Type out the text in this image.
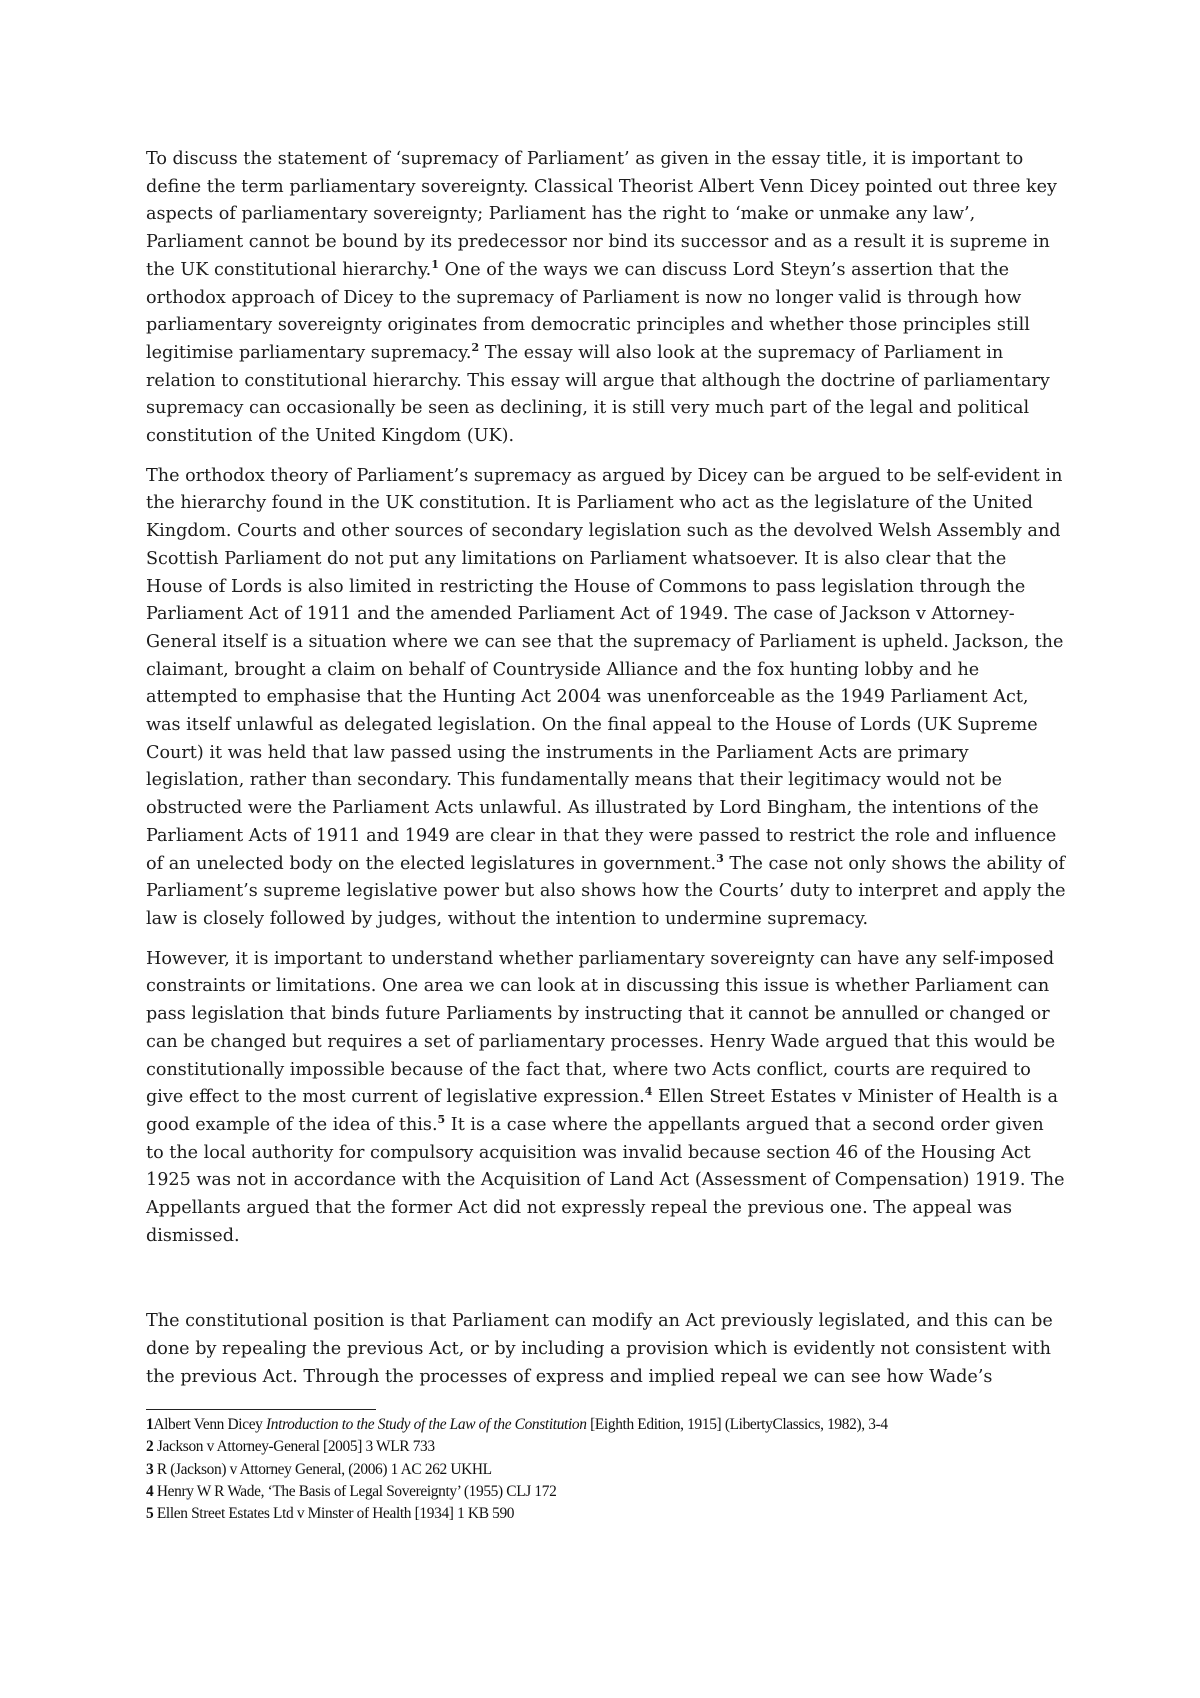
To discuss the statement of ‘supremacy of Parliament’ as given in the essay title, it is important to define the term parliamentary sovereignty. Classical Theorist Albert Venn Dicey pointed out three key aspects of parliamentary sovereignty; Parliament has the right to ‘make or unmake any law’, Parliament cannot be bound by its predecessor nor bind its successor and as a result it is supreme in the UK constitutional hierarchy.$^1$ One of the ways we can discuss Lord Steyn’s assertion that the orthodox approach of Dicey to the supremacy of Parliament is now no longer valid is through how parliamentary sovereignty originates from democratic principles and whether those principles still legitimise parliamentary supremacy.$^2$ The essay will also look at the supremacy of Parliament in relation to constitutional hierarchy. This essay will argue that although the doctrine of parliamentary supremacy can occasionally be seen as declining, it is still very much part of the legal and political constitution of the United Kingdom (UK).

The orthodox theory of Parliament’s supremacy as argued by Dicey can be argued to be self-evident in the hierarchy found in the UK constitution. It is Parliament who act as the legislature of the United Kingdom. Courts and other sources of secondary legislation such as the devolved Welsh Assembly and Scottish Parliament do not put any limitations on Parliament whatsoever. It is also clear that the House of Lords is also limited in restricting the House of Commons to pass legislation through the Parliament Act of 1911 and the amended Parliament Act of 1949. The case of Jackson v Attorney-General itself is a situation where we can see that the supremacy of Parliament is upheld. Jackson, the claimant, brought a claim on behalf of Countryside Alliance and the fox hunting lobby and he attempted to emphasise that the Hunting Act 2004 was unenforceable as the 1949 Parliament Act, was itself unlawful as delegated legislation. On the final appeal to the House of Lords (UK Supreme Court) it was held that law passed using the instruments in the Parliament Acts are primary legislation, rather than secondary. This fundamentally means that their legitimacy would not be obstructed were the Parliament Acts unlawful. As illustrated by Lord Bingham, the intentions of the Parliament Acts of 1911 and 1949 are clear in that they were passed to restrict the role and influence of an unelected body on the elected legislatures in government.$^3$ The case not only shows the ability of Parliament’s supreme legislative power but also shows how the Courts’ duty to interpret and apply the law is closely followed by judges, without the intention to undermine supremacy.

However, it is important to understand whether parliamentary sovereignty can have any self-imposed constraints or limitations. One area we can look at in discussing this issue is whether Parliament can pass legislation that binds future Parliaments by instructing that it cannot be annulled or changed or can be changed but requires a set of parliamentary processes. Henry Wade argued that this would be constitutionally impossible because of the fact that, where two Acts conflict, courts are required to give effect to the most current of legislative expression.$^4$ Ellen Street Estates v Minister of Health is a good example of the idea of this.$^5$ It is a case where the appellants argued that a second order given to the local authority for compulsory acquisition was invalid because section 46 of the Housing Act 1925 was not in accordance with the Acquisition of Land Act (Assessment of Compensation) 1919. The Appellants argued that the former Act did not expressly repeal the previous one. The appeal was dismissed.

The constitutional position is that Parliament can modify an Act previously legislated, and this can be done by repealing the previous Act, or by including a provision which is evidently not consistent with the previous Act. Through the processes of express and implied repeal we can see how Wade’s

1Albert Venn Dicey Introduction to the Study of the Law of the Constitution [Eighth Edition, 1915] (LibertyClassics, 1982), 3-4

2 Jackson v Attorney-General [2005] 3 WLR 733

3 R (Jackson) v Attorney General, (2006) 1 AC 262 UKHL

4 Henry W R Wade, ‘The Basis of Legal Sovereignty’ (1955) CLJ 172

5 Ellen Street Estates Ltd v Minster of Health [1934] 1 KB 590
